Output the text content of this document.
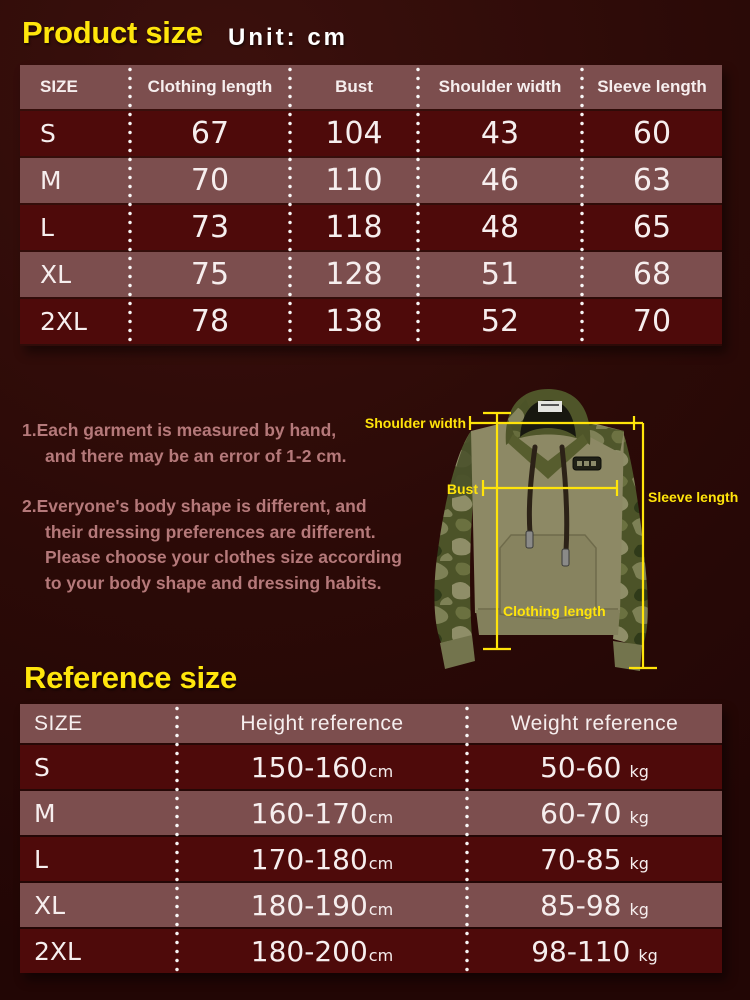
Product size Unit: cm
SIZE	Clothing length	Bust	Shoulder width	Sleeve length
S	67	104	43	60
M	70	110	46	63
L	73	118	48	65
XL	75	128	51	68
2XL	78	138	52	70
1.Each garment is measured by hand,
and there may be an error of 1-2 cm.
2.Everyone's body shape is different, and
their dressing preferences are different.
Please choose your clothes size according
to your body shape and dressing habits.
Shoulder width
Bust	Sleeve length
Clothing length
Reference size
SIZE	Height reference	Weight reference
S	150-160cm	50-60 kg
M	160-170cm	60-70 kg
L	170-180cm	70-85 kg
XL	180-190cm	85-98 kg
2XL	180-200cm	98-110 kg
